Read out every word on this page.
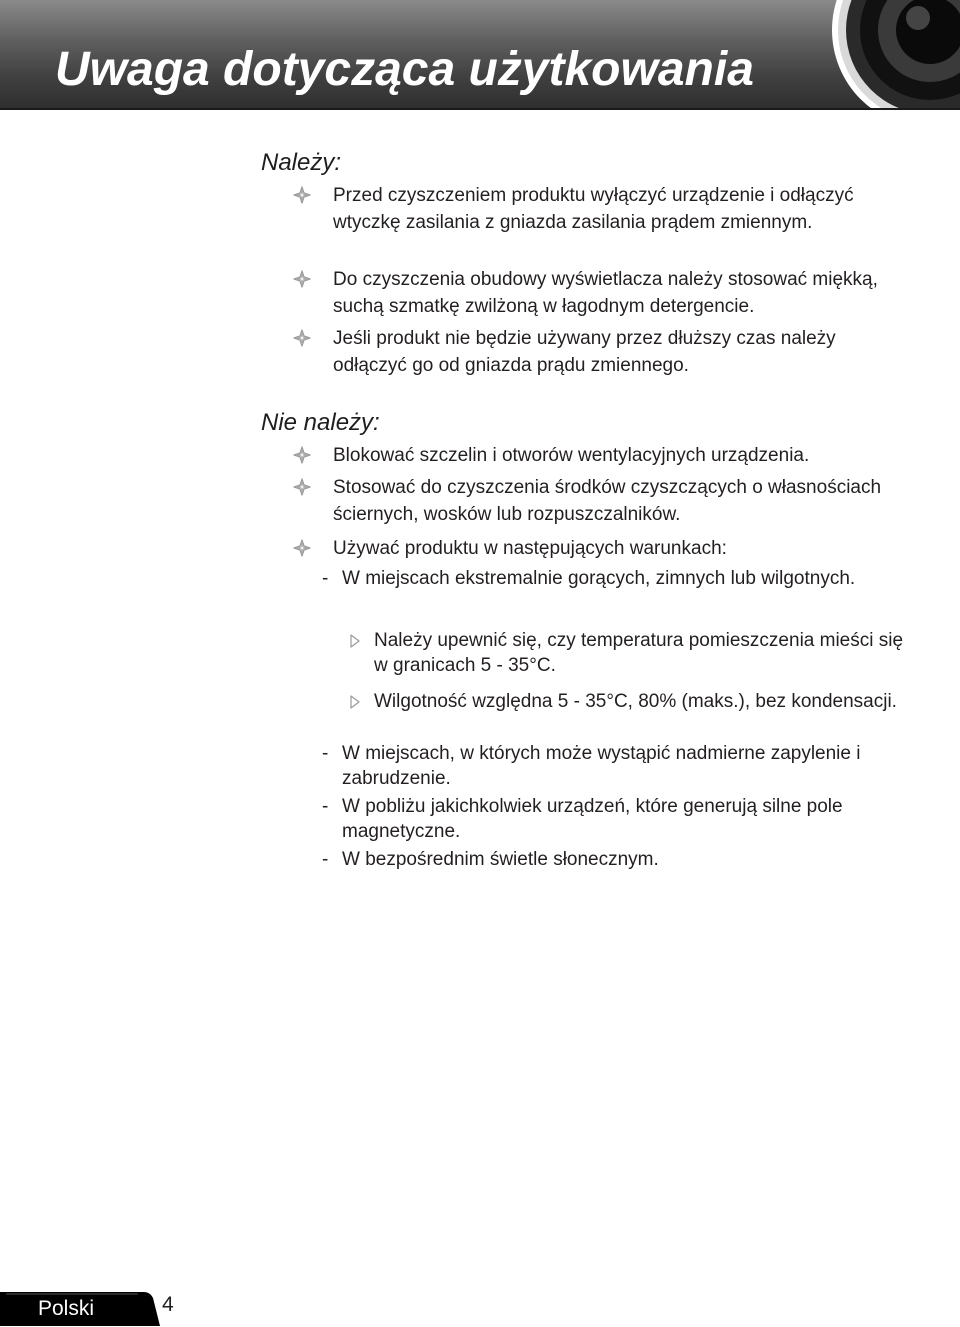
Uwaga dotycząca użytkowania
Należy:
Przed czyszczeniem produktu wyłączyć urządzenie i odłączyć wtyczkę zasilania z gniazda zasilania prądem zmiennym.
Do czyszczenia obudowy wyświetlacza należy stosować miękką, suchą szmatkę zwilżoną w łagodnym detergencie.
Jeśli produkt nie będzie używany przez dłuższy czas należy odłączyć go od gniazda prądu zmiennego.
Nie należy:
Blokować szczelin i otworów wentylacyjnych urządzenia.
Stosować do czyszczenia środków czyszczących o własnościach ściernych, wosków lub rozpuszczalników.
Używać produktu w następujących warunkach:
- W miejscach ekstremalnie gorących, zimnych lub wilgotnych.
Należy upewnić się, czy temperatura pomieszczenia mieści się w granicach 5 - 35°C.
Wilgotność względna 5 - 35°C, 80% (maks.), bez kondensacji.
- W miejscach, w których może wystąpić nadmierne zapylenie i zabrudzenie.
- W pobliżu jakichkolwiek urządzeń, które generują silne pole magnetyczne.
- W bezpośrednim świetle słonecznym.
Polski	4
